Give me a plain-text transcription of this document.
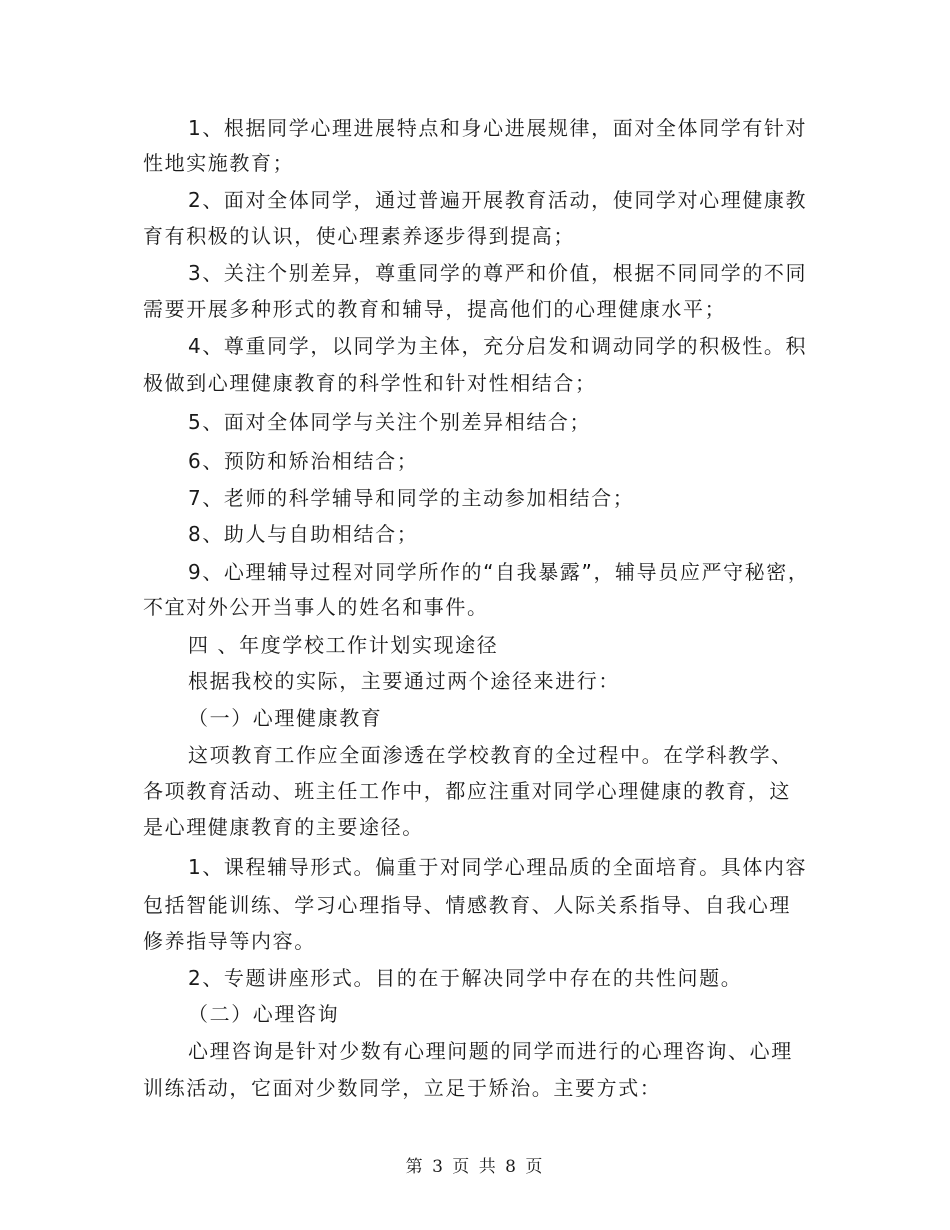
1、根据同学心理进展特点和身心进展规律，面对全体同学有针对
性地实施教育；
2、面对全体同学，通过普遍开展教育活动，使同学对心理健康教
育有积极的认识，使心理素养逐步得到提高；
3、关注个别差异，尊重同学的尊严和价值，根据不同同学的不同
需要开展多种形式的教育和辅导，提高他们的心理健康水平；
4、尊重同学，以同学为主体，充分启发和调动同学的积极性。积
极做到心理健康教育的科学性和针对性相结合；
5、面对全体同学与关注个别差异相结合；
6、预防和矫治相结合；
7、老师的科学辅导和同学的主动参加相结合；
8、助人与自助相结合；
9、心理辅导过程对同学所作的“自我暴露”，辅导员应严守秘密，
不宜对外公开当事人的姓名和事件。
四 、年度学校工作计划实现途径
根据我校的实际，主要通过两个途径来进行：
（一）心理健康教育
这项教育工作应全面渗透在学校教育的全过程中。在学科教学、
各项教育活动、班主任工作中，都应注重对同学心理健康的教育，这
是心理健康教育的主要途径。
1、课程辅导形式。偏重于对同学心理品质的全面培育。具体内容
包括智能训练、学习心理指导、情感教育、人际关系指导、自我心理
修养指导等内容。
2、专题讲座形式。目的在于解决同学中存在的共性问题。
（二）心理咨询
心理咨询是针对少数有心理问题的同学而进行的心理咨询、心理
训练活动，它面对少数同学，立足于矫治。主要方式：
第 3 页 共 8 页
